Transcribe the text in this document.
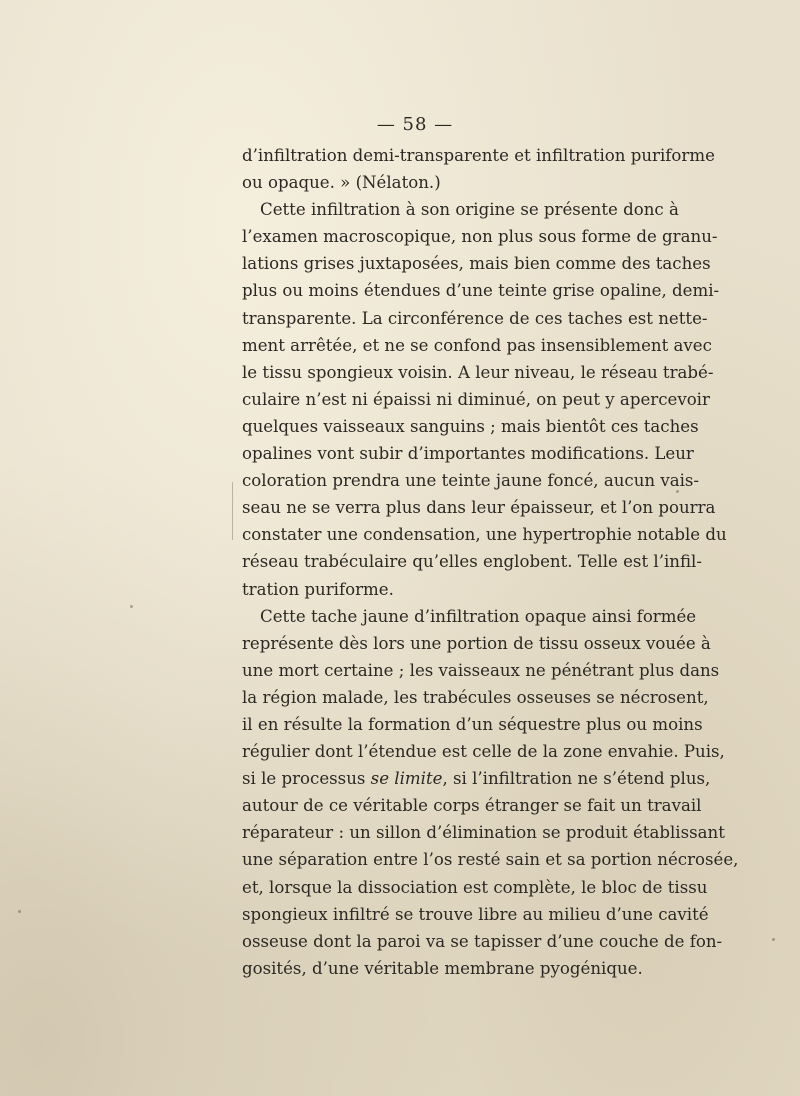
— 58 —
d’infiltration demi-transparente et infiltration puriforme
ou opaque. » (Nélaton.)
Cette infiltration à son origine se présente donc à
l’examen macroscopique, non plus sous forme de granu-
lations grises juxtaposées, mais bien comme des taches
plus ou moins étendues d’une teinte grise opaline, demi-
transparente. La circonférence de ces taches est nette-
ment arrêtée, et ne se confond pas insensiblement avec
le tissu spongieux voisin. A leur niveau, le réseau trabé-
culaire n’est ni épaissi ni diminué, on peut y apercevoir
quelques vaisseaux sanguins ; mais bientôt ces taches
opalines vont subir d’importantes modifications. Leur
coloration prendra une teinte jaune foncé, aucun vais-
seau ne se verra plus dans leur épaisseur, et l’on pourra
constater une condensation, une hypertrophie notable du
réseau trabéculaire qu’elles englobent. Telle est l’infil-
tration puriforme.
Cette tache jaune d’infiltration opaque ainsi formée
représente dès lors une portion de tissu osseux vouée à
une mort certaine ; les vaisseaux ne pénétrant plus dans
la région malade, les trabécules osseuses se nécrosent,
il en résulte la formation d’un séquestre plus ou moins
régulier dont l’étendue est celle de la zone envahie. Puis,
si le processus se limite, si l’infiltration ne s’étend plus,
autour de ce véritable corps étranger se fait un travail
réparateur : un sillon d’élimination se produit établissant
une séparation entre l’os resté sain et sa portion nécrosée,
et, lorsque la dissociation est complète, le bloc de tissu
spongieux infiltré se trouve libre au milieu d’une cavité
osseuse dont la paroi va se tapisser d’une couche de fon-
gosités, d’une véritable membrane pyogénique.
